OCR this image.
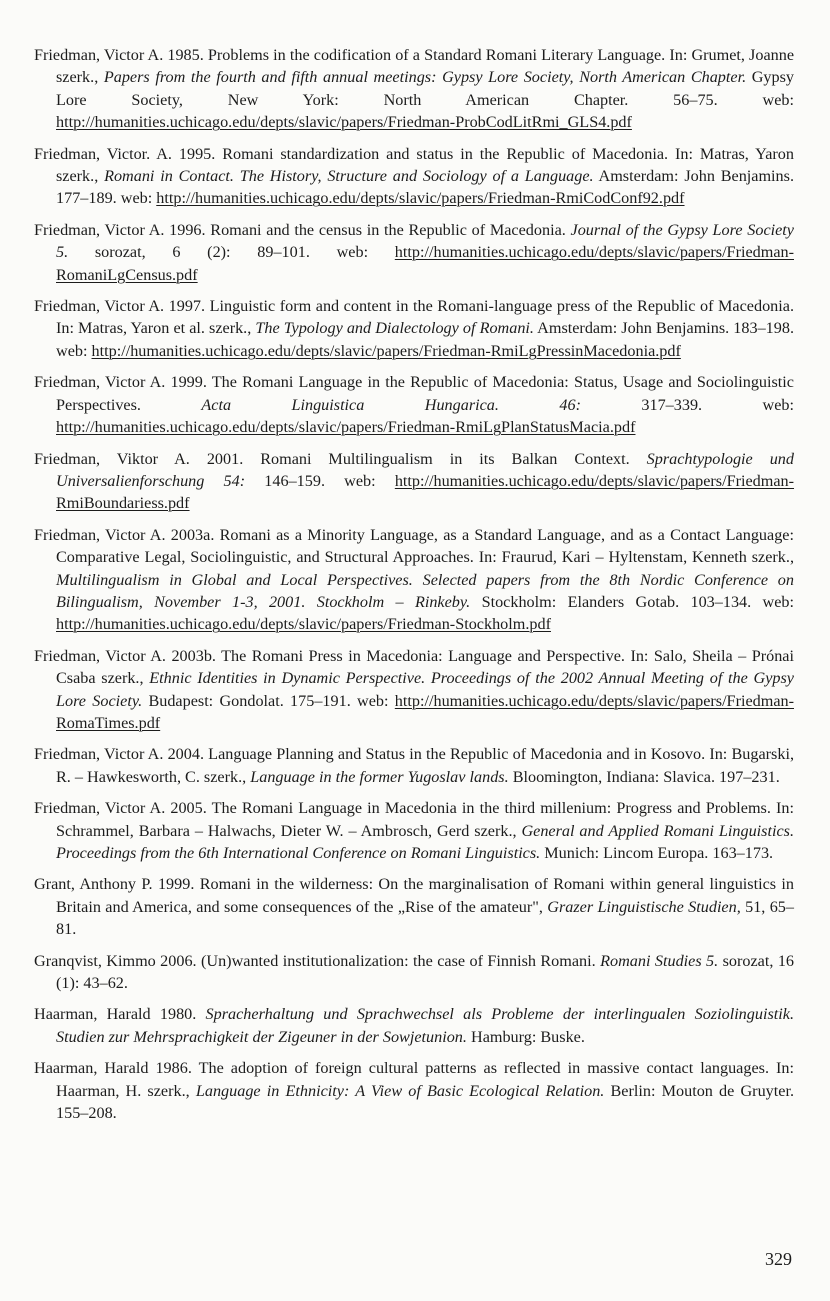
Friedman, Victor A. 1985. Problems in the codification of a Standard Romani Literary Language. In: Grumet, Joanne szerk., Papers from the fourth and fifth annual meetings: Gypsy Lore Society, North American Chapter. Gypsy Lore Society, New York: North American Chapter. 56–75. web: http://humanities.uchicago.edu/depts/slavic/papers/Friedman-ProbCodLitRmi_GLS4.pdf

Friedman, Victor. A. 1995. Romani standardization and status in the Republic of Macedonia. In: Matras, Yaron szerk., Romani in Contact. The History, Structure and Sociology of a Language. Amsterdam: John Benjamins. 177–189. web: http://humanities.uchicago.edu/depts/slavic/papers/Friedman-RmiCodConf92.pdf

Friedman, Victor A. 1996. Romani and the census in the Republic of Macedonia. Journal of the Gypsy Lore Society 5. sorozat, 6 (2): 89–101. web: http://humanities.uchicago.edu/depts/slavic/papers/Friedman-RomaniLgCensus.pdf

Friedman, Victor A. 1997. Linguistic form and content in the Romani-language press of the Republic of Macedonia. In: Matras, Yaron et al. szerk., The Typology and Dialectology of Romani. Amsterdam: John Benjamins. 183–198. web: http://humanities.uchicago.edu/depts/slavic/papers/Friedman-RmiLgPressinMacedonia.pdf

Friedman, Victor A. 1999. The Romani Language in the Republic of Macedonia: Status, Usage and Sociolinguistic Perspectives. Acta Linguistica Hungarica. 46: 317–339. web: http://humanities.uchicago.edu/depts/slavic/papers/Friedman-RmiLgPlanStatusMacia.pdf

Friedman, Viktor A. 2001. Romani Multilingualism in its Balkan Context. Sprachtypologie und Universalienforschung 54: 146–159. web: http://humanities.uchicago.edu/depts/slavic/papers/Friedman-RmiBoundariess.pdf

Friedman, Victor A. 2003a. Romani as a Minority Language, as a Standard Language, and as a Contact Language: Comparative Legal, Sociolinguistic, and Structural Approaches. In: Fraurud, Kari – Hyltenstam, Kenneth szerk., Multilingualism in Global and Local Perspectives. Selected papers from the 8th Nordic Conference on Bilingualism, November 1-3, 2001. Stockholm – Rinkeby. Stockholm: Elanders Gotab. 103–134. web: http://humanities.uchicago.edu/depts/slavic/papers/Friedman-Stockholm.pdf

Friedman, Victor A. 2003b. The Romani Press in Macedonia: Language and Perspective. In: Salo, Sheila – Prónai Csaba szerk., Ethnic Identities in Dynamic Perspective. Proceedings of the 2002 Annual Meeting of the Gypsy Lore Society. Budapest: Gondolat. 175–191. web: http://humanities.uchicago.edu/depts/slavic/papers/Friedman-RomaTimes.pdf

Friedman, Victor A. 2004. Language Planning and Status in the Republic of Macedonia and in Kosovo. In: Bugarski, R. – Hawkesworth, C. szerk., Language in the former Yugoslav lands. Bloomington, Indiana: Slavica. 197–231.

Friedman, Victor A. 2005. The Romani Language in Macedonia in the third millenium: Progress and Problems. In: Schrammel, Barbara – Halwachs, Dieter W. – Ambrosch, Gerd szerk., General and Applied Romani Linguistics. Proceedings from the 6th International Conference on Romani Linguistics. Munich: Lincom Europa. 163–173.

Grant, Anthony P. 1999. Romani in the wilderness: On the marginalisation of Romani within general linguistics in Britain and America, and some consequences of the „Rise of the amateur", Grazer Linguistische Studien, 51, 65–81.

Granqvist, Kimmo 2006. (Un)wanted institutionalization: the case of Finnish Romani. Romani Studies 5. sorozat, 16 (1): 43–62.

Haarman, Harald 1980. Spracherhaltung und Sprachwechsel als Probleme der interlingualen Soziolinguistik. Studien zur Mehrsprachigkeit der Zigeuner in der Sowjetunion. Hamburg: Buske.

Haarman, Harald 1986. The adoption of foreign cultural patterns as reflected in massive contact languages. In: Haarman, H. szerk., Language in Ethnicity: A View of Basic Ecological Relation. Berlin: Mouton de Gruyter. 155–208.

329
